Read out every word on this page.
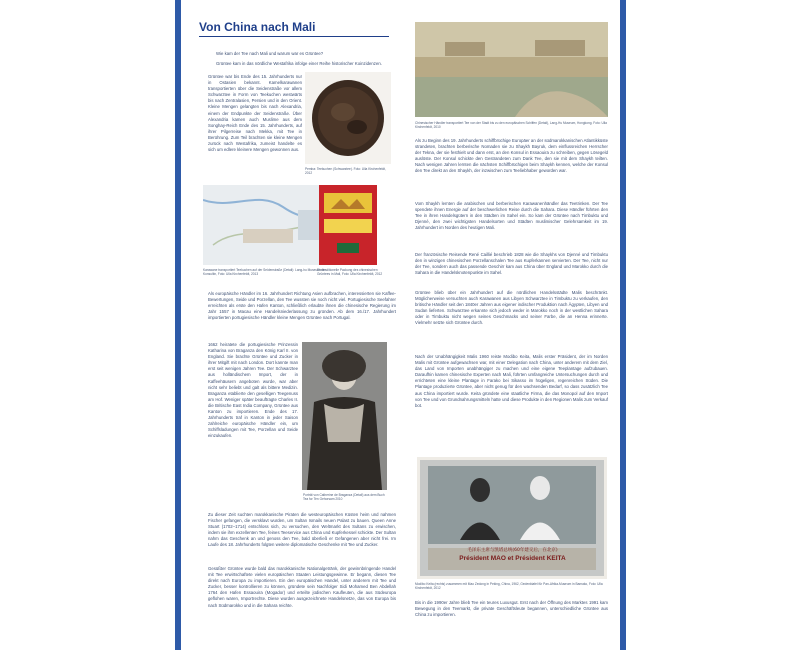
Von China nach Mali

Wie kam der Tee nach Mali und warum war es Grüntee?

Grüntee kam in das nördliche Westafrika infolge einer Reihe historischer Koinzidenzen.

Grüntee war bis Ende des 15. Jahrhunderts nur in Ostasien bekannt. Kamelkarawanen transportierten über die Seidenstraße vor allem Schwarztee in Form von Teekuchen westwärts bis nach Zentralasien, Persien und in den Orient. Kleine Mengen gelangten bis nach Alexandria, einem der Endpunkte der Seidenstraße. Über Alexandria kamen auch Muslime aus dem Songhay-Reich Ende des 15. Jahrhunderts, auf ihrer Pilgerreise nach Mekka, mit Tee in Berührung. Zum Teil brachten sie kleine Mengen zurück nach Westafrika, zumeist handelte es sich um edlere kleinere Mengen gewonnen aus.

Pemba: Teekuchen (Schwarztee). Foto: Ulla Kirchenfeldt, 2012

Karawane transportiert Teekuchen auf der Seidenstraße (Detail): Lang-hu Museum der Konsultin, Foto: Ulla Kirchenfeldt, 2013

Die traditionelle Packung des chinesischen Grüntees in Mali, Foto: Ulla Kirchenfeldt, 2012

Als europäische Händler im 16. Jahrhundert Richtung Asien aufbrachen, interessierten sie Kaffee-Bewertungen, Seide und Porzellan, den Tee wussten sie noch nicht viel. Portugiesische Seefahrer erreichten als erste den Hafen Kanton, schließlich erlaubte ihnen die chinesische Regierung im Jahr 1557 in Macau eine Handelsniederlassung zu gründen. Ab dem 16./17. Jahrhundert importierten portugiesische Händler kleine Mengen Grüntee nach Portugal.

1662 heiratete die portugiesische Prinzessin Katharina von Braganza den König Karl II. von England. Sie brachte Grüntee und Zucker in ihrer Mitgift mit nach London. Dort kannte man erst seit wenigen Jahren Tee. Der Schwarztee aus holländischem Import, der in Kaffeehäusern angeboten wurde, war aber nicht sehr beliebt und galt als bittere Medizin. Braganza etablierte den geselligen Teegenuss am Hof. Weniger später beauftragte Charles II. die Britische East India Company, Grüntee aus Kanton zu importieren. Ende des 17. Jahrhunderts traf in Kanton in jeder Saison zahlreiche europäische Händler ein, um Schiffsladungen mit Tee, Porzellan und Seide einzukaufen.

Porträt von Catherine de Braganza (Detail) aus dem Buch Tea for Ten Gehorsam 2010

Zu dieser Zeit suchten marokkanische Piraten die westeuropäischen Küsten heim und nahmen Fischer gefangen, die versklavt wurden, um Sultan Ismails neuen Palast zu bauen. Queen Anne Stuart (1702–1714) entschloss sich, zu versuchen, den Weltmarkt des Sultans zu erwischen, indem sie ihm exzellenten Tee, feines Teeservice aus China und Kupferkessel schickte. Der Sultan nahm das Geschenk an und genoss den Tee, bald überließ er Gefangenen aber nicht frei. Im Laufe des 18. Jahrhunderts folgten weitere diplomatische Geschenke mit Tee und Zucker.

Gesüßter Grüntee wurde bald das marokkanische Nationalgetränk, der gewinnbringende Handel mit Tee erwirtschaftete vielen europäischen Staaten Leistungsgewinne. Er begann, diesen Tee direkt nach Europa zu importieren. Ein den europäischen Handel, unter anderem mit Tee und Zucker, besser kontrollieren zu können, gründete sein Nachfolger Sidi Mohamed Ben Abdellah 1764 den Hafen Essaouira (Mogador) und erteilte jüdischen Kaufleuten, die aus Südeuropa geflohen waren, Importrechte. Diese wurden ausgezeichnete Handelsnetze, das von Europa bis nach Südmarokko und in die Sahara reichte.

Chinesischer Händler transportiert Tee von der Stadt bis zu den europäischen Schiffen (Detail), Lang-Hu Museum, Hongkong. Foto: Ulla Kirchenfeldt, 2010

Als zu Beginn des 19. Jahrhunderts schiffbrüchige Europäer an der südmarokkanischen Atlantikküste strandeten, brachten berberische Nomaden sie zu Shaykh Bayruk, dem einflussreichen Herrscher der Tekna, der sie festhielt und dann erst, an den Konsul in Essaouira zu schreiben, gegen Lösegeld auslöste. Der Konsul schickte den Gestrandeten zum Dank Tee, den sie mit dem Shaykh teilten. Nach wenigen Jahren lernten die nächsten Schiffbrüchigen beim Shaykh kennen, welche der Konsul den Tee direkt an den Shaykh, der inzwischen zum Teeliebhaber geworden war.

Vom Shaykh lernten die arabischen und berberischen Karawanenhändler das Teetrinken. Der Tee spendete ihnen Energie auf der beschwerlichen Reise durch die Sahara. Diese Händler führten den Tee in ihren Handelsgütern in den Städten im Sahel ein. So kam der Grüntee nach Timbuktu und Djenné, den zwei wichtigsten Handelsorten und Städten muslimischer Gelehrsamkeit im 19. Jahrhundert im Norden des heutigen Mali.

Der französische Reisende René Caillié beschrieb 1828 wie die Shaykhs von Djenné und Timbuktu den in winzigen chinesischen Porzellanschalen Tee aus Kupferkannen servierten. Der Tee, nicht nur der Tee, sondern auch das passende Geschirr kam aus China über England und Marokko durch die Sahara in die Handelsknotenpunkte im Sahel.

Grüntee blieb über ein Jahrhundert auf die nördlichen Handelsstädte Malis beschränkt. Möglicherweise versuchten auch Karawanen aus Libyen Schwarztee in Timbuktu zu verkaufen, den britische Händler seit den 1840er Jahren aus eigener indischer Produktion nach Ägypten, Libyen und Sudan lieferten. Schwarztee erkannte sich jedoch weder in Marokko noch in der westlichen Sahara oder in Timbuktu nicht wegen seines Geschmacks und seiner Farbe, die an Henna erinnerte. Vielmehr setzte sich Grüntee durch.

Nach der Unabhängigkeit Malis 1960 reiste Modibo Keita, Malis erster Präsident, der im Norden Malis mit Grüntee aufgewachsen war, mit einer Delegation nach China, unter anderem mit dem Ziel, das Land von Importen unabhängiger zu machen und eine eigene Teeplantage aufzubauen. Daraufhin kamen chinesische Experten nach Mali, führten umfangreiche Untersuchungen durch und errichteten eine kleine Plantage in Farako bei Sikasso im hügeligen, regenreichen Süden. Die Plantage produzierte Grüntee, aber nicht genug für den wachsenden Bedarf, so dass zusätzlich Tee aus China importiert wurde. Keita gründete eine staatliche Firma, die das Monopol auf den Import von Tee und von Grundnahrungsmitteln hatte und diese Produkte in den Regionen Malis zum Verkauf bot.

毛泽东主席与凯塔总统(60年建交后，在北京)
Président MAO et Président KEITA

Modibo Keita (rechts) zusammen mit Mao Zedong in Peking, China, 1962, Gedenktafel für Pan-Afrika-Museum in Bamako, Foto: Ulla Kirchenfeldt, 2012

Bis in die 1990er Jahre blieb Tee ein teures Luxusgut. Erst nach der Öffnung des Marktes 1991 kam Bewegung in den Teemarkt, die private Geschäftsleute begannen, unterschiedliche Grüntee aus China zu importieren.
